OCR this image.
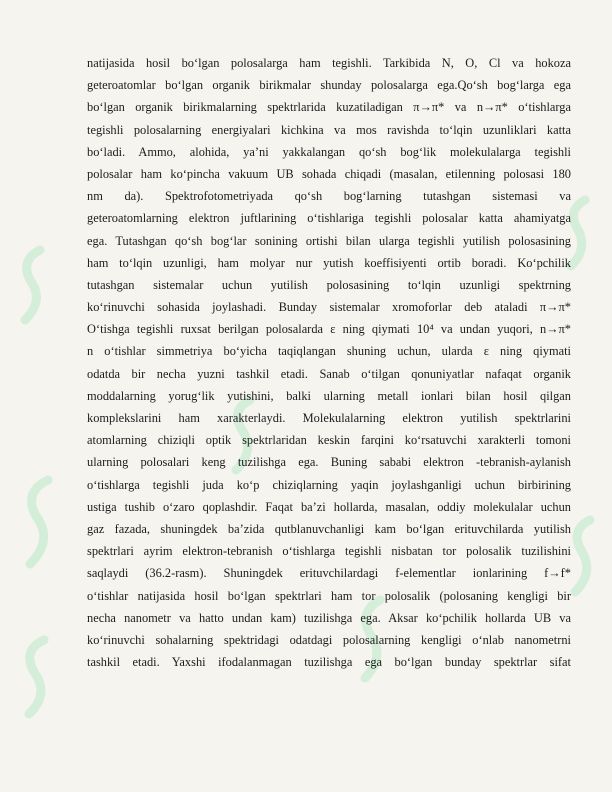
natijasida hosil bo‘lgan polosalarga ham tegishli. Tarkibida N, O, Cl va hokoza
geteroatomlar bo‘lgan organik birikmalar shunday polosalarga ega.Qo‘sh bog‘larga ega
bo‘lgan organik birikmalarning spektrlarida kuzatiladigan π→π* va n→π* o‘tishlarga
tegishli polosalarning energiyalari kichkina va mos ravishda to‘lqin uzunliklari katta
bo‘ladi. Ammo, alohida, ya’ni yakkalangan qo‘sh bog‘lik molekulalarga tegishli
polosalar ham ko‘pincha vakuum UB sohada chiqadi (masalan, etilenning polosasi 180
nm da). Spektrofotometriyada qo‘sh bog‘larning tutashgan sistemasi va
geteroatomlarning elektron juftlarining o‘tishlariga tegishli polosalar katta ahamiyatga
ega. Tutashgan qo‘sh bog‘lar sonining ortishi bilan ularga tegishli yutilish polosasining
ham to‘lqin uzunligi, ham molyar nur yutish koeffisiyenti ortib boradi. Ko‘pchilik
tutashgan sistemalar uchun yutilish polosasining to‘lqin uzunligi spektrning
ko‘rinuvchi sohasida joylashadi. Bunday sistemalar xromoforlar deb ataladi π→π*
O‘tishga tegishli ruxsat berilgan polosalarda ε ning qiymati 10⁴ va undan yuqori, n→π*
n o‘tishlar simmetriya bo‘yicha taqiqlangan shuning uchun, ularda ε ning qiymati
odatda bir necha yuzni tashkil etadi. Sanab o‘tilgan qonuniyatlar nafaqat organik
moddalarning yorug‘lik yutishini, balki ularning metall ionlari bilan hosil qilgan
komplekslarini ham xarakterlaydi. Molekulalarning elektron yutilish spektrlarini
atomlarning chiziqli optik spektrlaridan keskin farqini ko‘rsatuvchi xarakterli tomoni
ularning polosalari keng tuzilishga ega. Buning sababi elektron -tebranish-aylanish
o‘tishlarga tegishli juda ko‘p chiziqlarning yaqin joylashganligi uchun birbirining
ustiga tushib o‘zaro qoplashdir. Faqat ba’zi hollarda, masalan, oddiy molekulalar uchun
gaz fazada, shuningdek ba’zida qutblanuvchanligi kam bo‘lgan erituvchilarda yutilish
spektrlari ayrim elektron-tebranish o‘tishlarga tegishli nisbatan tor polosalik tuzilishini
saqlaydi (36.2-rasm). Shuningdek erituvchilardagi f-elementlar ionlarining f→f*
o‘tishlar natijasida hosil bo‘lgan spektrlari ham tor polosalik (polosaning kengligi bir
necha nanometr va hatto undan kam) tuzilishga ega. Aksar ko‘pchilik hollarda UB va
ko‘rinuvchi sohalarning spektridagi odatdagi polosalarning kengligi o‘nlab nanometrni
tashkil etadi. Yaxshi ifodalanmagan tuzilishga ega bo‘lgan bunday spektrlar sifat
